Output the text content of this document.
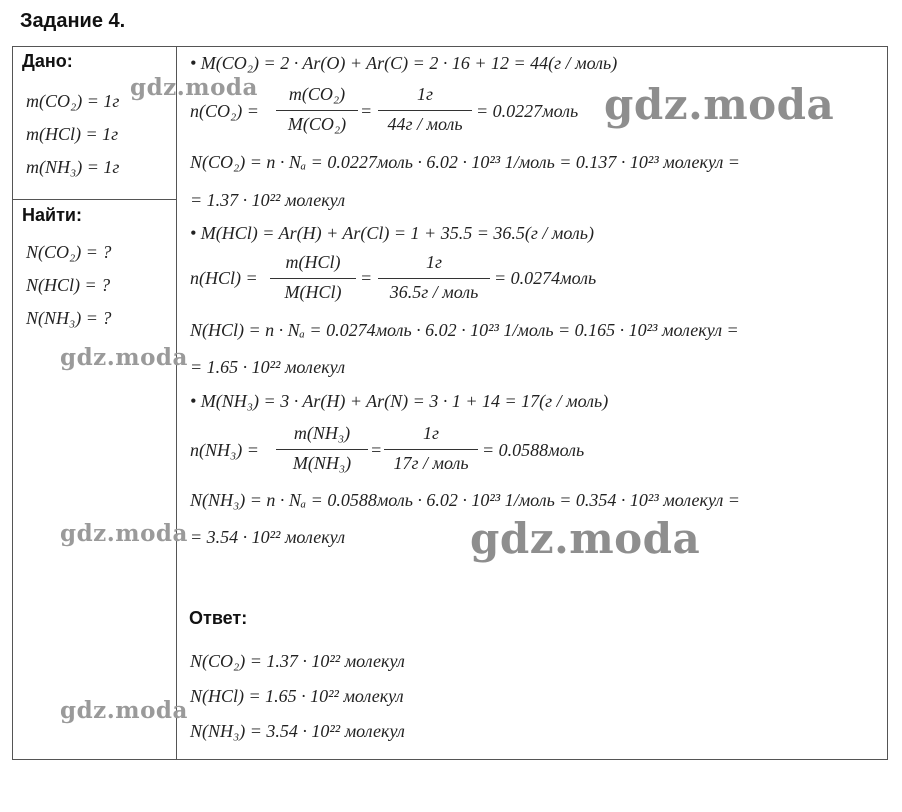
Задание 4.
Дано:
m(CO₂) = 1г
m(HCl) = 1г
m(NH₃) = 1г
Найти:
N(CO₂) = ?
N(HCl) = ?
N(NH₃) = ?
• M(CO₂) = 2 · Ar(O) + Ar(C) = 2 · 16 + 12 = 44(г / моль)
n(CO₂) =
m(CO₂)
M(CO₂)
=
1г
44г / моль
= 0.0227моль
N(CO₂) = n · Nₐ = 0.0227моль · 6.02 · 10²³ 1/моль = 0.137 · 10²³ молекул =
= 1.37 · 10²² молекул
• M(HCl) = Ar(H) + Ar(Cl) = 1 + 35.5 = 36.5(г / моль)
n(HCl) =
m(HCl)
M(HCl)
=
1г
36.5г / моль
= 0.0274моль
N(HCl) = n · Nₐ = 0.0274моль · 6.02 · 10²³ 1/моль = 0.165 · 10²³ молекул =
= 1.65 · 10²² молекул
• M(NH₃) = 3 · Ar(H) + Ar(N) = 3 · 1 + 14 = 17(г / моль)
n(NH₃) =
m(NH₃)
M(NH₃)
=
1г
17г / моль
= 0.0588моль
N(NH₃) = n · Nₐ = 0.0588моль · 6.02 · 10²³ 1/моль = 0.354 · 10²³ молекул =
= 3.54 · 10²² молекул
Ответ:
N(CO₂) = 1.37 · 10²² молекул
N(HCl) = 1.65 · 10²² молекул
N(NH₃) = 3.54 · 10²² молекул
gdz.moda
gdz.moda
gdz.moda
gdz.moda
gdz.moda
gdz.moda
